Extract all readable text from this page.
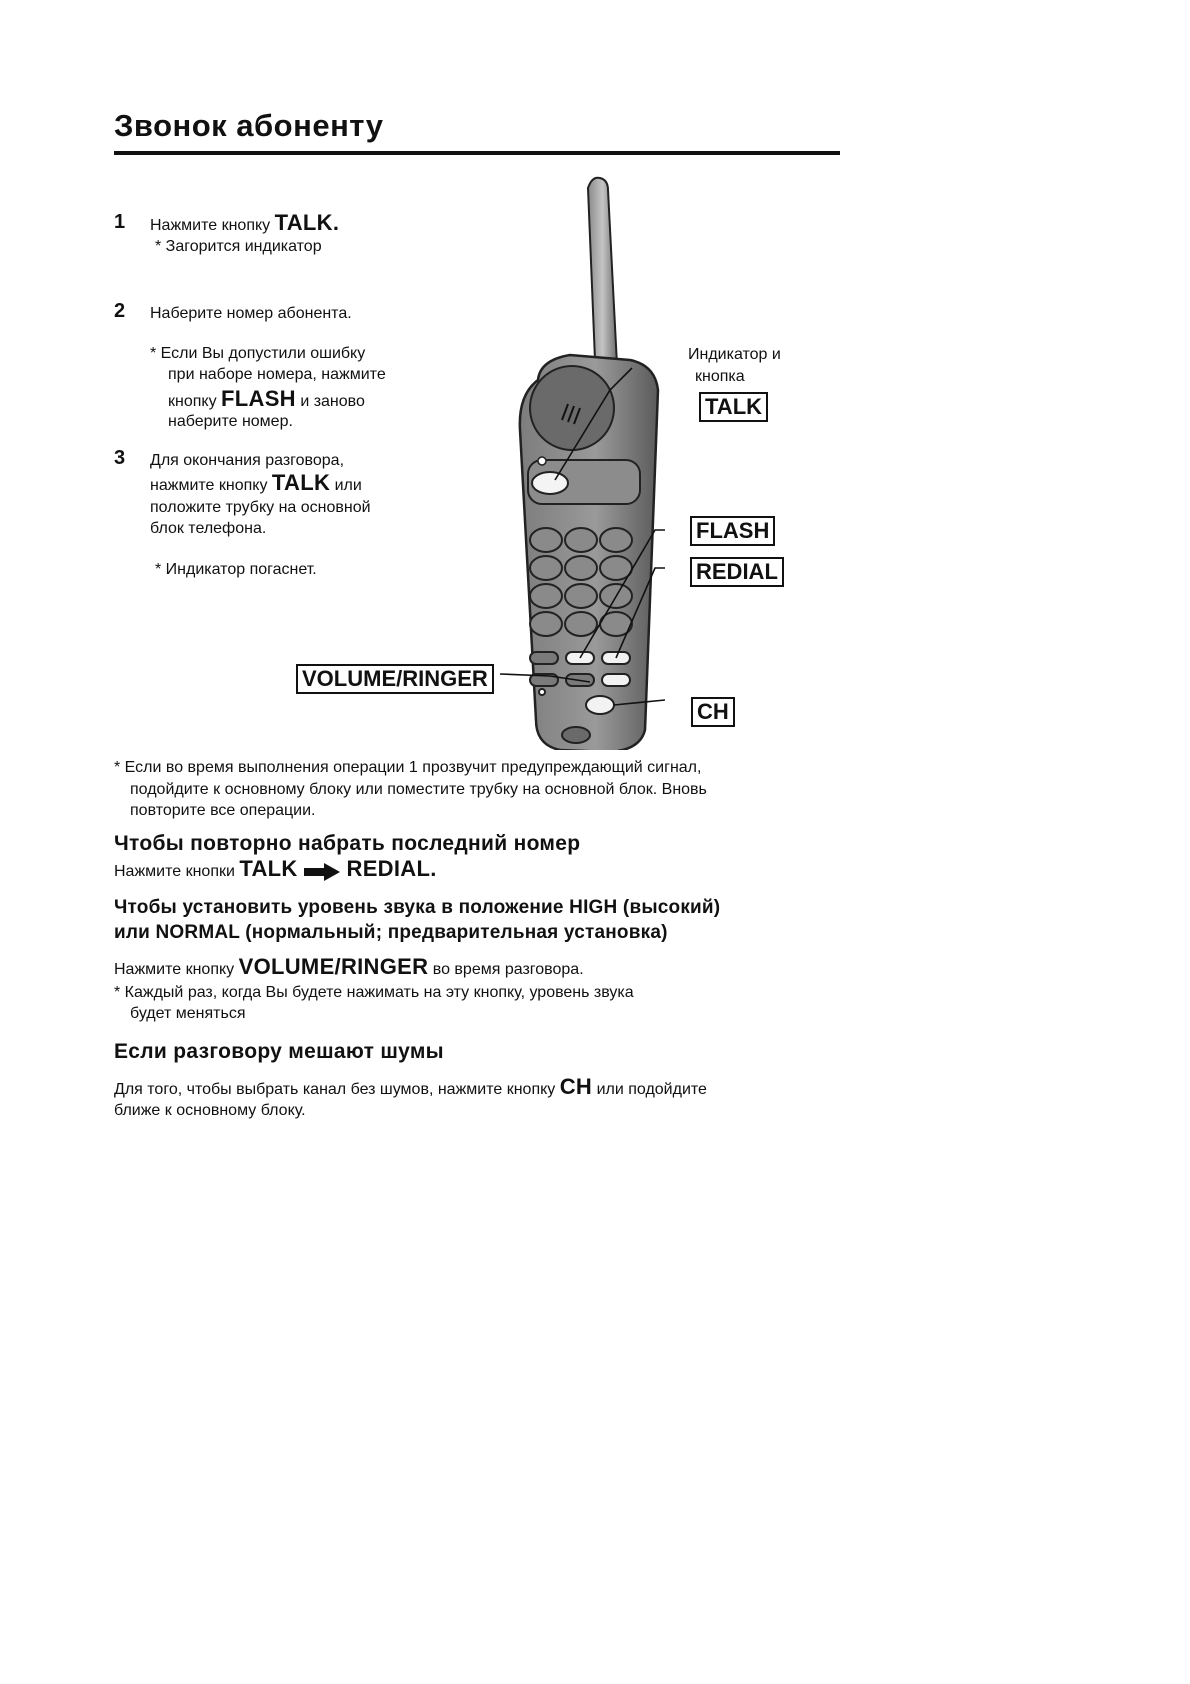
Звонок абоненту
1 Нажмите кнопку TALK.
* Загорится индикатор
2 Наберите номер абонента.
* Если Вы допустили ошибку
при наборе номера, нажмите
кнопку FLASH и заново
наберите номер.
3 Для окончания разговора,
нажмите кнопку TALK или
положите трубку на основной
блок телефона.
* Индикатор погаснет.
Индикатор и
кнопка
TALK
FLASH
REDIAL
VOLUME/RINGER
CH
* Если во время выполнения операции 1 прозвучит предупреждающий сигнал,
подойдите к основному блоку или поместите трубку на основной блок. Вновь
повторите все операции.
Чтобы повторно набрать последний номер
Нажмите кнопки TALK REDIAL.
Чтобы установить уровень звука в положение HIGH (высокий)
или NORMAL (нормальный; предварительная установка)
Нажмите кнопку VOLUME/RINGER во время разговора.
* Каждый раз, когда Вы будете нажимать на эту кнопку, уровень звука
будет меняться
Если разговору мешают шумы
Для того, чтобы выбрать канал без шумов, нажмите кнопку CH или подойдите
ближе к основному блоку.
